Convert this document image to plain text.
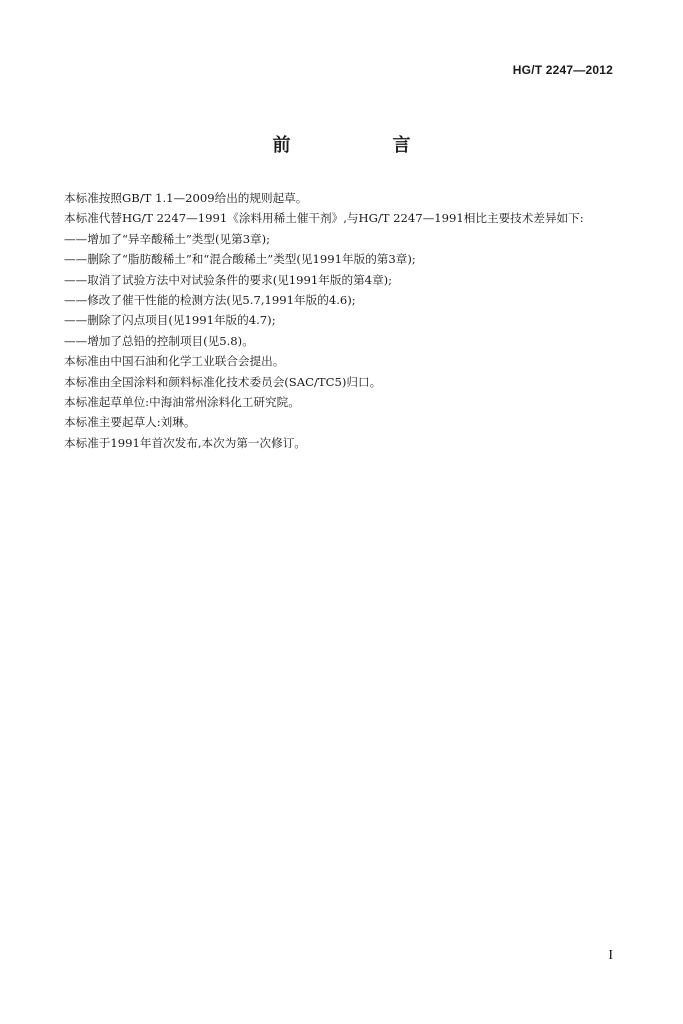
HG/T 2247—2012
前　言

本标准按照GB/T 1.1—2009给出的规则起草。

本标准代替HG/T 2247—1991《涂料用稀土催干剂》,与HG/T 2247—1991相比主要技术差异如下:

——增加了“异辛酸稀土”类型(见第3章);

——删除了“脂肪酸稀土”和“混合酸稀土”类型(见1991年版的第3章);

——取消了试验方法中对试验条件的要求(见1991年版的第4章);

——修改了催干性能的检测方法(见5.7,1991年版的4.6);

——删除了闪点项目(见1991年版的4.7);

——增加了总铅的控制项目(见5.8)。

本标准由中国石油和化学工业联合会提出。

本标准由全国涂料和颜料标准化技术委员会(SAC/TC5)归口。

本标准起草单位:中海油常州涂料化工研究院。

本标准主要起草人:刘琳。

本标准于1991年首次发布,本次为第一次修订。

I
